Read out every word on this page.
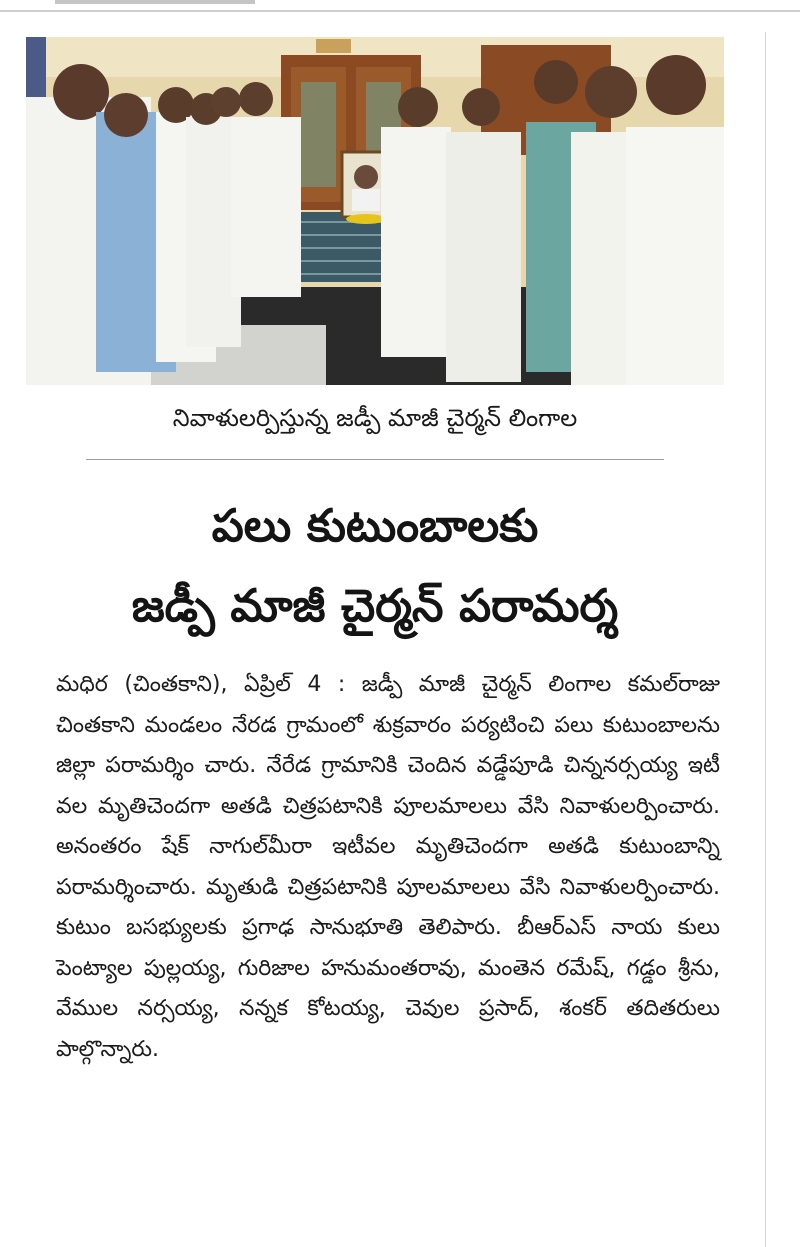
నివాళులర్పిస్తున్న జడ్పీ మాజీ చైర్మన్ లింగాల
పలు కుటుంబాలకు
జడ్పీ మాజీ చైర్మన్ పరామర్శ

మధిర (చింతకాని), ఏప్రిల్ 4 : జడ్పీ మాజీ చైర్మన్ లింగాల కమల్‌రాజు చింతకాని మండలం నేరడ గ్రామంలో శుక్రవారం పర్యటించి పలు కుటుంబాలను జిల్లా పరామర్శిం చారు. నేరేడ గ్రామానికి చెందిన వడ్డేపూడి చిన్ననర్సయ్య ఇటీ వల మృతిచెందగా అతడి చిత్రపటానికి పూలమాలలు వేసి నివాళులర్పించారు. అనంతరం షేక్ నాగుల్‌మీరా ఇటీవల మృతిచెందగా అతడి కుటుంబాన్ని పరామర్శించారు. మృతుడి చిత్రపటానికి పూలమాలలు వేసి నివాళులర్పించారు. కుటుం బసభ్యులకు ప్రగాఢ సానుభూతి తెలిపారు. బీఆర్ఎస్ నాయ కులు పెంట్యాల పుల్లయ్య, గురిజాల హనుమంతరావు, మంతెన రమేష్, గడ్డం శ్రీను, వేముల నర్సయ్య, నన్నక కోటయ్య, చెవుల ప్రసాద్, శంకర్ తదితరులు పాల్గొన్నారు.
